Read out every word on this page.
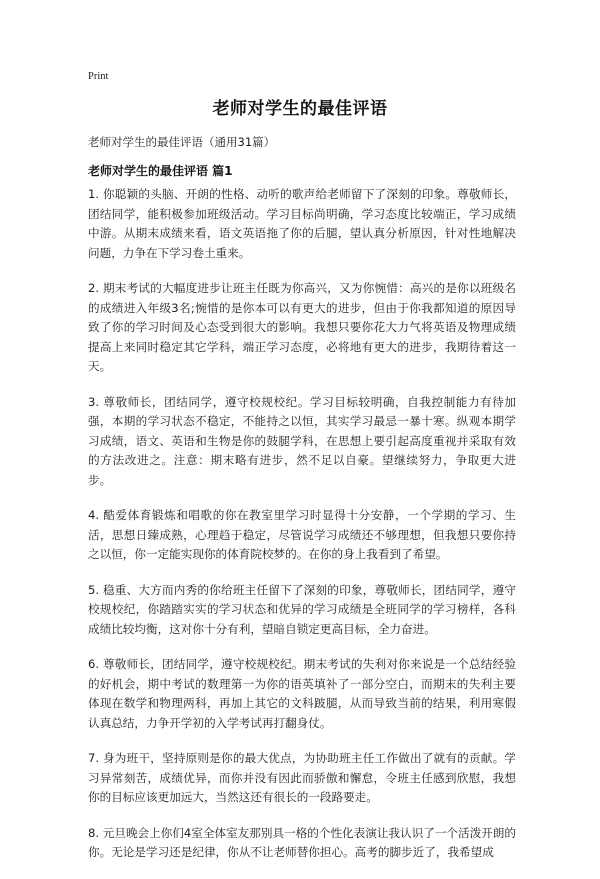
Print
老师对学生的最佳评语
老师对学生的最佳评语（通用31篇）
老师对学生的最佳评语 篇1

1. 你聪颖的头脑、开朗的性格、动听的歌声给老师留下了深刻的印象。尊敬师长，团结同学，能积极参加班级活动。学习目标尚明确，学习态度比较端正，学习成绩中游。从期末成绩来看，语文英语拖了你的后腿，望认真分析原因，针对性地解决问题，力争在下学习卷土重来。

2. 期末考试的大幅度进步让班主任既为你高兴，又为你惋惜：高兴的是你以班级名的成绩进入年级3名;惋惜的是你本可以有更大的进步，但由于你我都知道的原因导致了你的学习时间及心态受到很大的影响。我想只要你花大力气将英语及物理成绩提高上来同时稳定其它学科，端正学习态度，必将地有更大的进步，我期待着这一天。

3. 尊敬师长，团结同学，遵守校规校纪。学习目标较明确，自我控制能力有待加强，本期的学习状态不稳定，不能持之以恒，其实学习最忌一暴十寒。纵观本期学习成绩，语文、英语和生物是你的鼓腿学科，在思想上要引起高度重视并采取有效的方法改进之。注意：期末略有进步，然不足以自豪。望继续努力，争取更大进步。

4. 酷爱体育锻炼和唱歌的你在教室里学习时显得十分安静，一个学期的学习、生活，思想日臻成熟，心理趋于稳定，尽管说学习成绩还不够理想，但我想只要你持之以恒，你一定能实现你的体育院校梦的。在你的身上我看到了希望。

5. 稳重、大方而内秀的你给班主任留下了深刻的印象，尊敬师长，团结同学，遵守校规校纪，你踏踏实实的学习状态和优异的学习成绩是全班同学的学习榜样，各科成绩比较均衡，这对你十分有利，望暗自锁定更高目标，全力奋进。

6. 尊敬师长，团结同学，遵守校规校纪。期末考试的失利对你来说是一个总结经验的好机会，期中考试的数理第一为你的语英填补了一部分空白，而期末的失利主要体现在数学和物理两科，再加上其它的文科跛腿，从而导致当前的结果，利用寒假认真总结，力争开学初的入学考试再打翻身仗。

7. 身为班干，坚持原则是你的最大优点，为协助班主任工作做出了就有的贡献。学习异常刻苦，成绩优异，而你并没有因此而骄傲和懈怠，令班主任感到欣慰，我想你的目标应该更加远大，当然这还有很长的一段路要走。

8. 元旦晚会上你们4室全体室友那别具一格的个性化表演让我认识了一个活泼开朗的你。无论是学习还是纪律，你从不让老师替你担心。高考的脚步近了，我希望成
